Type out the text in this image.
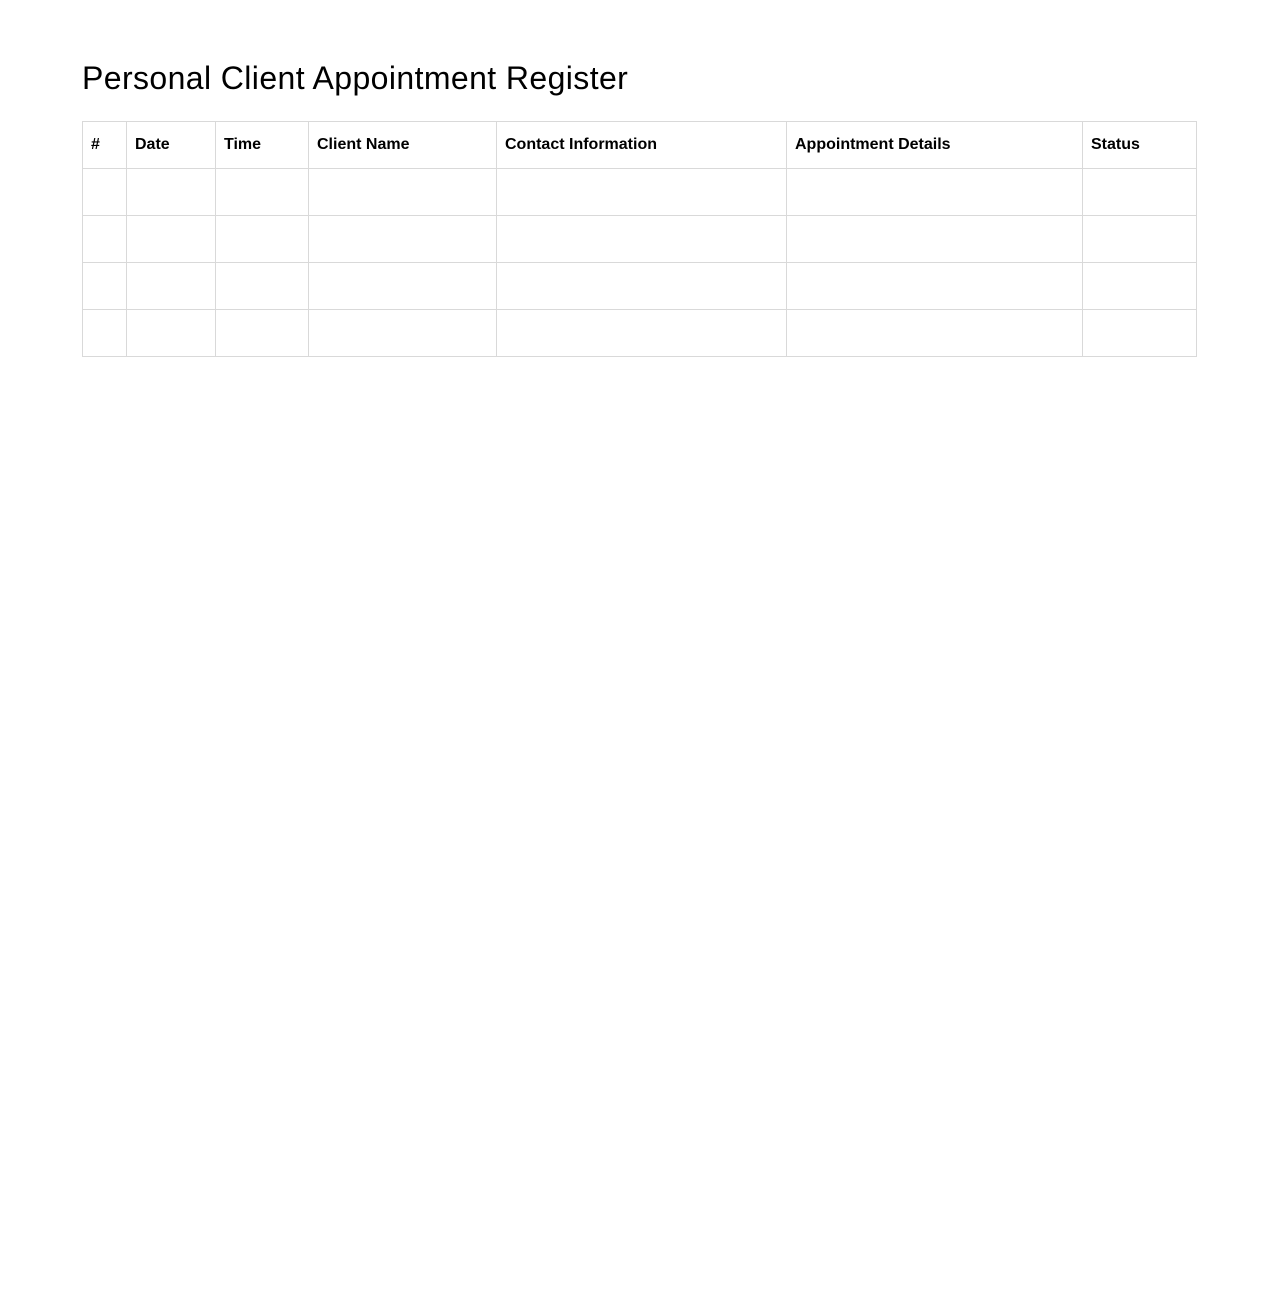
Personal Client Appointment Register
#	Date	Time	Client Name	Contact Information	Appointment Details	Status
